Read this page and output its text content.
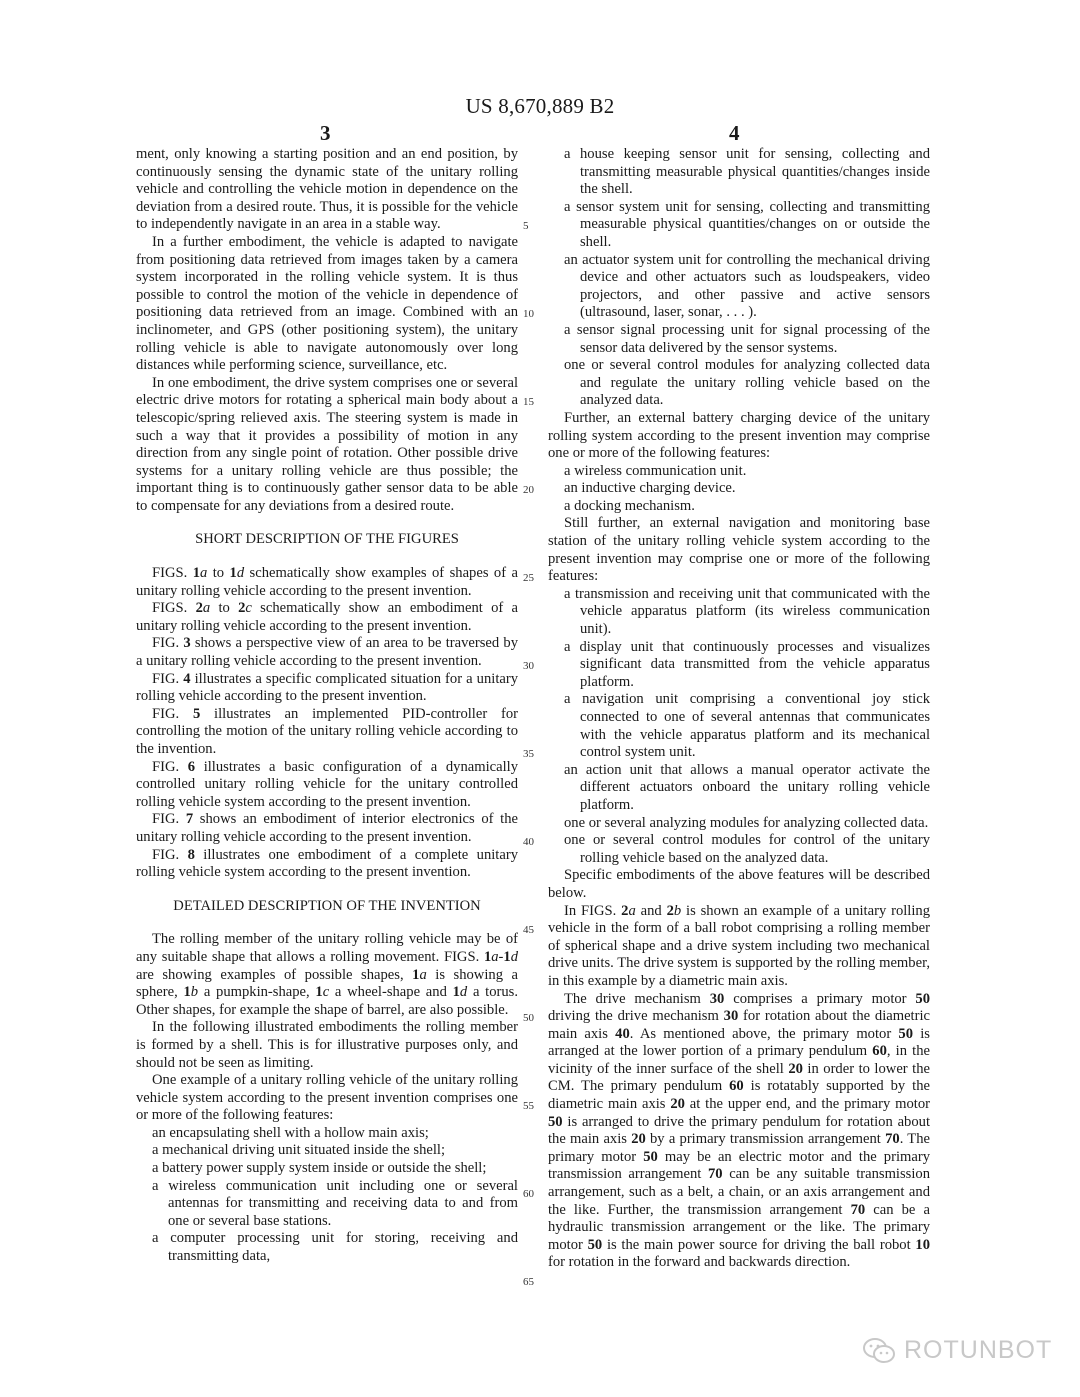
US 8,670,889 B2
3	4
5
10
15
20
25
30
35
40
45
50
55
60
65

ment, only knowing a starting position and an end position, by continuously sensing the dynamic state of the unitary rolling vehicle and controlling the vehicle motion in dependence on the deviation from a desired route. Thus, it is possible for the vehicle to independently navigate in an area in a stable way.

In a further embodiment, the vehicle is adapted to navigate from positioning data retrieved from images taken by a camera system incorporated in the rolling vehicle system. It is thus possible to control the motion of the vehicle in dependence of positioning data retrieved from an image. Combined with an inclinometer, and GPS (other positioning system), the unitary rolling vehicle is able to navigate autonomously over long distances while performing science, surveillance, etc.

In one embodiment, the drive system comprises one or several electric drive motors for rotating a spherical main body about a telescopic/spring relieved axis. The steering system is made in such a way that it provides a possibility of motion in any direction from any single point of rotation. Other possible drive systems for a unitary rolling vehicle are thus possible; the important thing is to continuously gather sensor data to be able to compensate for any deviations from a desired route.

SHORT DESCRIPTION OF THE FIGURES

FIGS. 1a to 1d schematically show examples of shapes of a unitary rolling vehicle according to the present invention.

FIGS. 2a to 2c schematically show an embodiment of a unitary rolling vehicle according to the present invention.

FIG. 3 shows a perspective view of an area to be traversed by a unitary rolling vehicle according to the present invention.

FIG. 4 illustrates a specific complicated situation for a unitary rolling vehicle according to the present invention.

FIG. 5 illustrates an implemented PID-controller for controlling the motion of the unitary rolling vehicle according to the invention.

FIG. 6 illustrates a basic configuration of a dynamically controlled unitary rolling vehicle for the unitary controlled rolling vehicle system according to the present invention.

FIG. 7 shows an embodiment of interior electronics of the unitary rolling vehicle according to the present invention.

FIG. 8 illustrates one embodiment of a complete unitary rolling vehicle system according to the present invention.

DETAILED DESCRIPTION OF THE INVENTION

The rolling member of the unitary rolling vehicle may be of any suitable shape that allows a rolling movement. FIGS. 1a-1d are showing examples of possible shapes, 1a is showing a sphere, 1b a pumpkin-shape, 1c a wheel-shape and 1d a torus. Other shapes, for example the shape of barrel, are also possible.

In the following illustrated embodiments the rolling member is formed by a shell. This is for illustrative purposes only, and should not be seen as limiting.

One example of a unitary rolling vehicle of the unitary rolling vehicle system according to the present invention comprises one or more of the following features:

an encapsulating shell with a hollow main axis;

a mechanical driving unit situated inside the shell;

a battery power supply system inside or outside the shell;

a wireless communication unit including one or several antennas for transmitting and receiving data to and from one or several base stations.

a computer processing unit for storing, receiving and transmitting data,

a house keeping sensor unit for sensing, collecting and transmitting measurable physical quantities/changes inside the shell.

a sensor system unit for sensing, collecting and transmitting measurable physical quantities/changes on or outside the shell.

an actuator system unit for controlling the mechanical driving device and other actuators such as loudspeakers, video projectors, and other passive and active sensors (ultrasound, laser, sonar, . . . ).

a sensor signal processing unit for signal processing of the sensor data delivered by the sensor systems.

one or several control modules for analyzing collected data and regulate the unitary rolling vehicle based on the analyzed data.

Further, an external battery charging device of the unitary rolling system according to the present invention may comprise one or more of the following features:

a wireless communication unit.

an inductive charging device.

a docking mechanism.

Still further, an external navigation and monitoring base station of the unitary rolling vehicle system according to the present invention may comprise one or more of the following features:

a transmission and receiving unit that communicated with the vehicle apparatus platform (its wireless communication unit).

a display unit that continuously processes and visualizes significant data transmitted from the vehicle apparatus platform.

a navigation unit comprising a conventional joy stick connected to one of several antennas that communicates with the vehicle apparatus platform and its mechanical control system unit.

an action unit that allows a manual operator activate the different actuators onboard the unitary rolling vehicle platform.

one or several analyzing modules for analyzing collected data.

one or several control modules for control of the unitary rolling vehicle based on the analyzed data.

Specific embodiments of the above features will be described below.

In FIGS. 2a and 2b is shown an example of a unitary rolling vehicle in the form of a ball robot comprising a rolling member of spherical shape and a drive system including two mechanical drive units. The drive system is supported by the rolling member, in this example by a diametric main axis.

The drive mechanism 30 comprises a primary motor 50 driving the drive mechanism 30 for rotation about the diametric main axis 40. As mentioned above, the primary motor 50 is arranged at the lower portion of a primary pendulum 60, in the vicinity of the inner surface of the shell 20 in order to lower the CM. The primary pendulum 60 is rotatably supported by the diametric main axis 20 at the upper end, and the primary motor 50 is arranged to drive the primary pendulum for rotation about the main axis 20 by a primary transmission arrangement 70. The primary motor 50 may be an electric motor and the primary transmission arrangement 70 can be any suitable transmission arrangement, such as a belt, a chain, or an axis arrangement and the like. Further, the transmission arrangement 70 can be a hydraulic transmission arrangement or the like. The primary motor 50 is the main power source for driving the ball robot 10 for rotation in the forward and backwards direction.

ROTUNBOT
